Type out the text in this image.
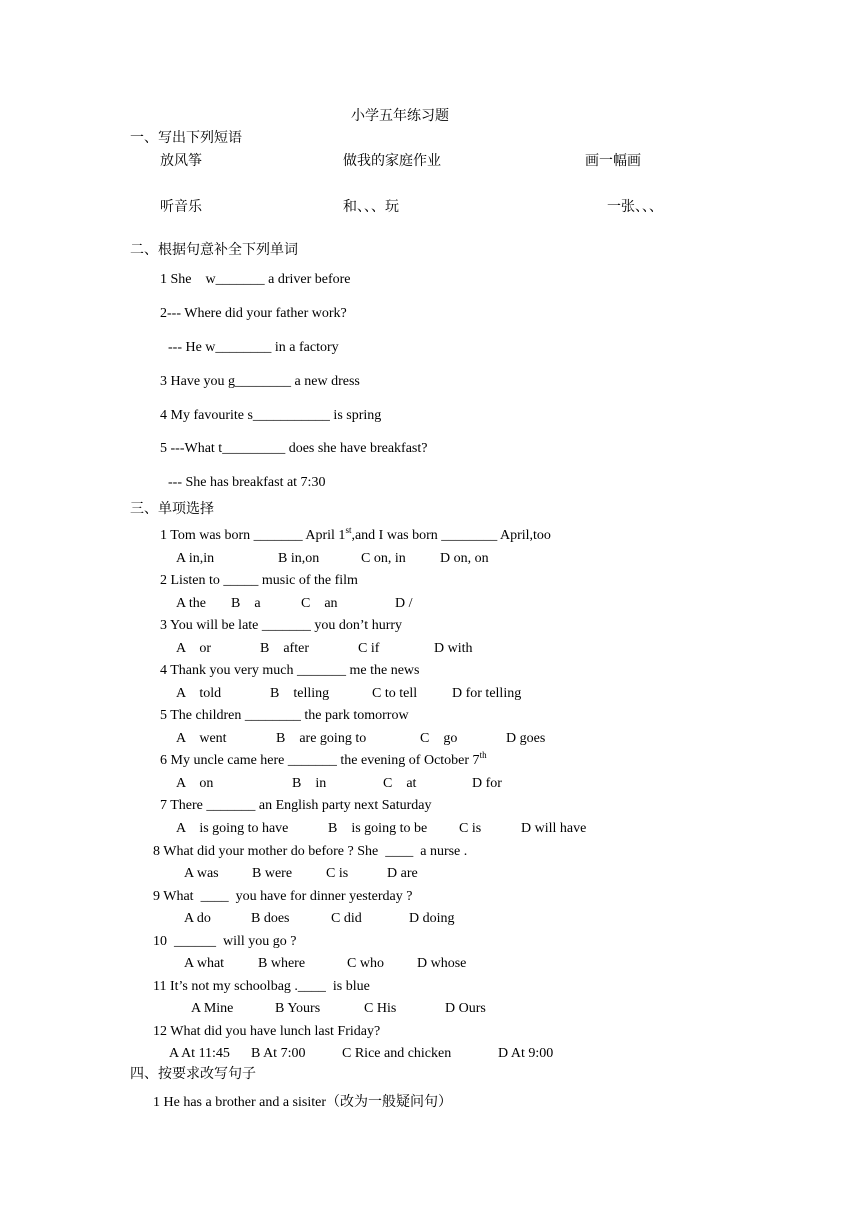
小学五年练习题
一、写出下列短语
放风筝	做我的家庭作业	画一幅画
听音乐	和、、、玩	一张、、、
二、根据句意补全下列单词
1 She    w_______ a driver before
2--- Where did your father work?
--- He w________ in a factory
3 Have you g________ a new dress
4 My favourite s___________ is spring
5 ---What t_________ does she have breakfast?
--- She has breakfast at 7:30
三、单项选择
1 Tom was born _______ April 1st,and I was born ________ April,too
A in,in	B in,on	C on, in D on, on
2 Listen to _____ music of the film
A the B    a	C    an	D /
3 You will be late _______ you don’t hurry
A    or	B    after	C if	D with
4 Thank you very much _______ me the news
A    told	B    telling	C to tell D for telling
5 The children ________ the park tomorrow
A    went	B    are going to	C    go	D goes
6 My uncle came here _______ the evening of October 7th
A    on	B    in	C    at	D for
7 There _______ an English party next Saturday
A    is going to have	B    is going to be C is	D will have
8 What did your mother do before ? She  ____  a nurse .
A was B were C is	D are
9 What  ____  you have for dinner yesterday ?
A do	B does	C did	D doing
10  ______  will you go ?
A what B where	C who D whose
11 It’s not my schoolbag .____  is blue
A Mine	B Yours	C His	D Ours
12 What did you have lunch last Friday?
A At 11:45 B At 7:00	C Rice and chicken	D At 9:00
四、按要求改写句子
1 He has a brother and a sisiter（改为一般疑问句）
